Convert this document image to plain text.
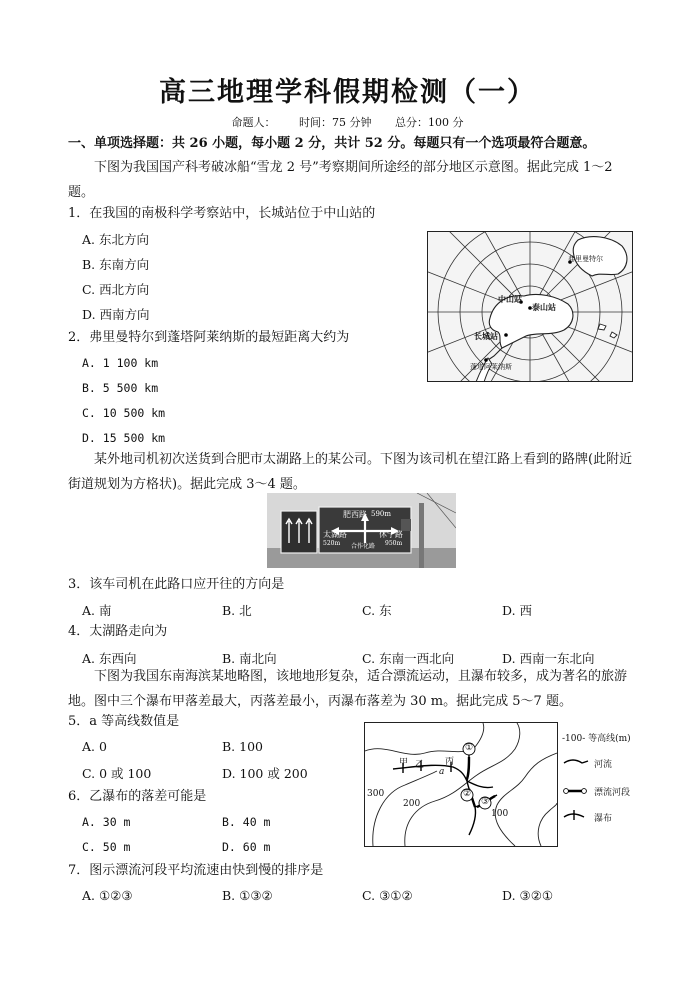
高三地理学科假期检测（一）
命题人： 时间：75 分钟 总分：100 分
一、单项选择题：共 26 小题，每小题 2 分，共计 52 分。每题只有一个选项最符合题意。
下图为我国国产科考破冰船“雪龙 2 号”考察期间所途经的部分地区示意图。据此完成 1～2 题。
1．在我国的南极科学考察站中，长城站位于中山站的
A. 东北方向
B. 东南方向
C. 西北方向
D. 西南方向
2．弗里曼特尔到蓬塔阿莱纳斯的最短距离大约为
A. 1 100 km
B. 5 500 km
C. 10 500 km
D. 15 500 km
弗里曼特尔
中山站
泰山站
长城站
蓬塔阿莱纳斯
某外地司机初次送货到合肥市太湖路上的某公司。下图为该司机在望江路上看到的路牌(此附近街道规划为方格状)。据此完成 3～4 题。
肥西路 590m
太湖路
520m
休宁路
950m
合作化路
3．该车司机在此路口应开往的方向是
A. 南	B. 北	C. 东	D. 西
4．太湖路走向为
A. 东西向	B. 南北向	C. 东南一西北向	D. 西南一东北向
下图为我国东南海滨某地略图，该地地形复杂，适合漂流运动，且瀑布较多，成为著名的旅游地。图中三个瀑布甲落差最大，丙落差最小，丙瀑布落差为 30 m。据此完成 5～7 题。
5．a 等高线数值是
A. 0	B. 100
C. 0 或 100	D. 100 或 200
6．乙瀑布的落差可能是
A. 30 m	B. 40 m
C. 50 m	D. 60 m
7．图示漂流河段平均流速由快到慢的排序是
A. ①②③	B. ①③②	C. ③①②	D. ③②①
甲 乙 丙
a
300
200
100
①
②
③
-100- 等高线(m)
河流
漂流河段
瀑布
